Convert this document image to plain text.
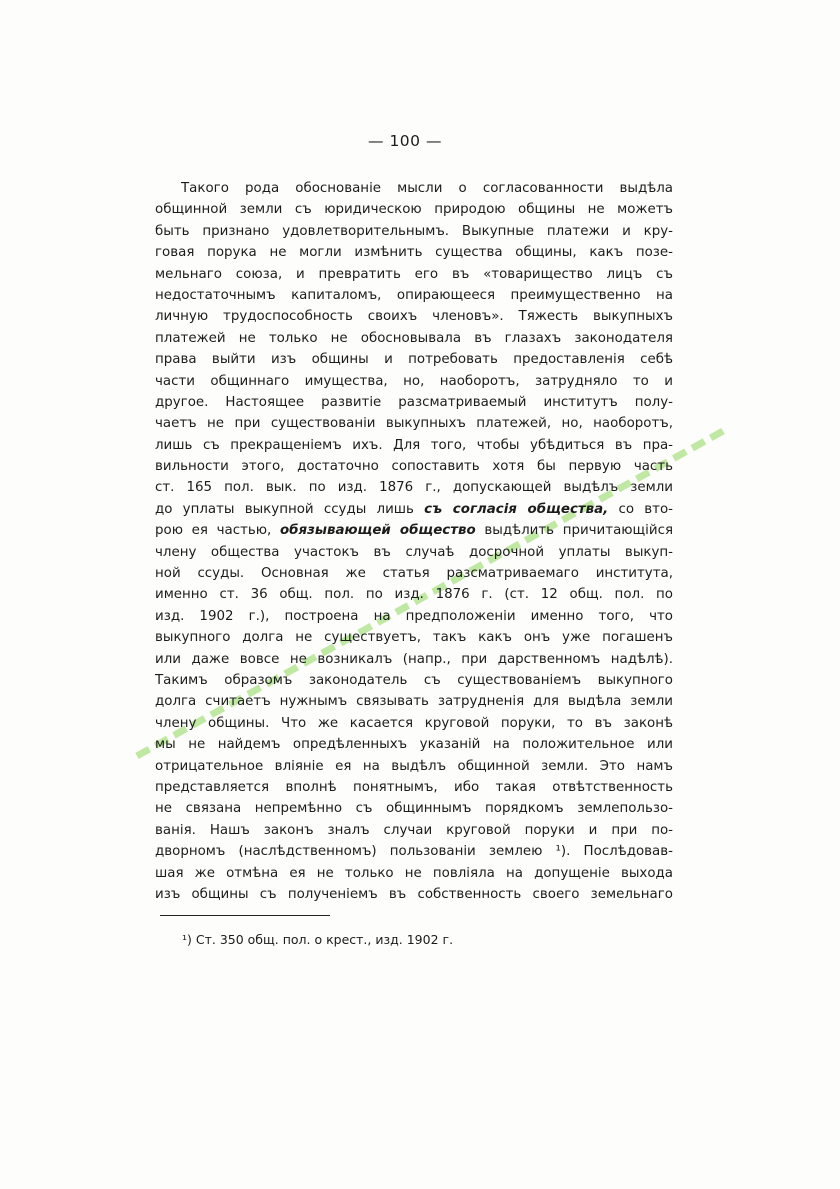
— 100 —
Такого рода обоснованіе мысли о согласованности выдѣла
общинной земли съ юридическою природою общины не можетъ
быть признано удовлетворительнымъ. Выкупные платежи и кру-
говая порука не могли измѣнить существа общины, какъ позе-
мельнаго союза, и превратить его въ «товарищество лицъ съ
недостаточнымъ капиталомъ, опирающееся преимущественно на
личную трудоспособность своихъ членовъ». Тяжесть выкупныхъ
платежей не только не обосновывала въ глазахъ законодателя
права выйти изъ общины и потребовать предоставленія себѣ
части общиннаго имущества, но, наоборотъ, затрудняло то и
другое. Настоящее развитіе разсматриваемый институтъ полу-
чаетъ не при существованіи выкупныхъ платежей, но, наоборотъ,
лишь съ прекращеніемъ ихъ. Для того, чтобы убѣдиться въ пра-
вильности этого, достаточно сопоставить хотя бы первую часть
ст. 165 пол. вык. по изд. 1876 г., допускающей выдѣлъ земли
до уплаты выкупной ссуды лишь съ согласія общества, со вто-
рою ея частью, обязывающей общество выдѣлить причитающійся
члену общества участокъ въ случаѣ досрочной уплаты выкуп-
ной ссуды. Основная же статья разсматриваемаго института,
именно ст. 36 общ. пол. по изд. 1876 г. (ст. 12 общ. пол. по
изд. 1902 г.), построена на предположеніи именно того, что
выкупного долга не существуетъ, такъ какъ онъ уже погашенъ
или даже вовсе не возникалъ (напр., при дарственномъ надѣлѣ).
Такимъ образомъ законодатель съ существованіемъ выкупного
долга считаетъ нужнымъ связывать затрудненія для выдѣла земли
члену общины. Что же касается круговой поруки, то въ законѣ
мы не найдемъ опредѣленныхъ указаній на положительное или
отрицательное вліяніе ея на выдѣлъ общинной земли. Это намъ
представляется вполнѣ понятнымъ, ибо такая отвѣтственность
не связана непремѣнно съ общиннымъ порядкомъ землепользо-
ванія. Нашъ законъ зналъ случаи круговой поруки и при по-
дворномъ (наслѣдственномъ) пользованіи землею ¹). Послѣдовав-
шая же отмѣна ея не только не повліяла на допущеніе выхода
изъ общины съ полученіемъ въ собственность своего земельнаго
¹) Ст. 350 общ. пол. о крест., изд. 1902 г.
